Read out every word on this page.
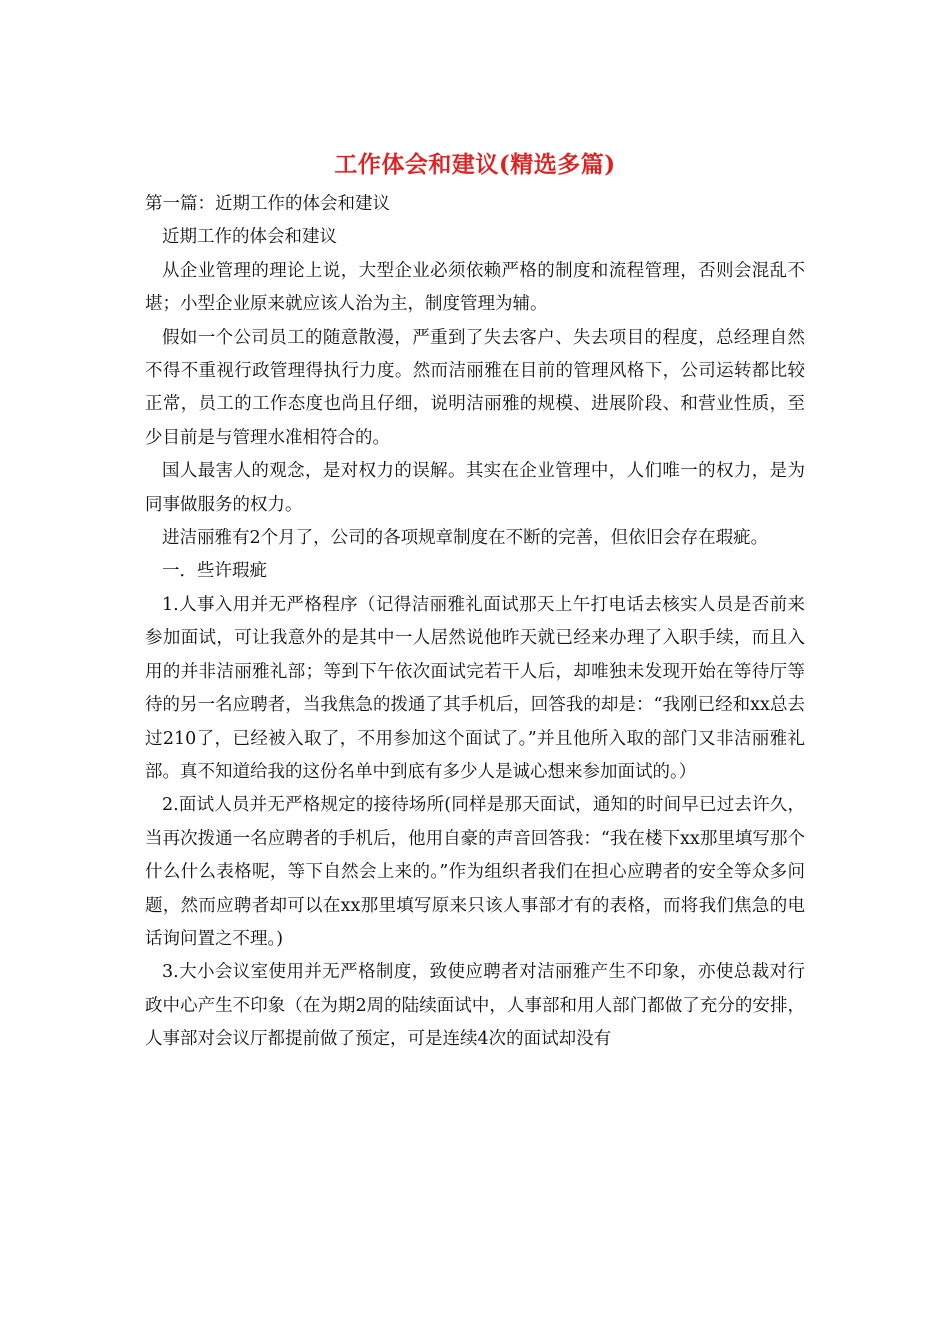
工作体会和建议(精选多篇)

第一篇：近期工作的体会和建议

近期工作的体会和建议

从企业管理的理论上说，大型企业必须依赖严格的制度和流程管理，否则会混乱不堪；小型企业原来就应该人治为主，制度管理为辅。

假如一个公司员工的随意散漫，严重到了失去客户、失去项目的程度，总经理自然不得不重视行政管理得执行力度。然而洁丽雅在目前的管理风格下，公司运转都比较正常，员工的工作态度也尚且仔细，说明洁丽雅的规模、进展阶段、和营业性质，至少目前是与管理水准相符合的。

国人最害人的观念，是对权力的误解。其实在企业管理中，人们唯一的权力，是为同事做服务的权力。

进洁丽雅有2个月了，公司的各项规章制度在不断的完善，但依旧会存在瑕疵。

一．些许瑕疵

1.人事入用并无严格程序（记得洁丽雅礼面试那天上午打电话去核实人员是否前来参加面试，可让我意外的是其中一人居然说他昨天就已经来办理了入职手续，而且入用的并非洁丽雅礼部；等到下午依次面试完若干人后，却唯独未发现开始在等待厅等待的另一名应聘者，当我焦急的拨通了其手机后，回答我的却是：“我刚已经和xx总去过210了，已经被入取了，不用参加这个面试了。”并且他所入取的部门又非洁丽雅礼部。真不知道给我的这份名单中到底有多少人是诚心想来参加面试的。）

2.面试人员并无严格规定的接待场所(同样是那天面试，通知的时间早已过去许久，当再次拨通一名应聘者的手机后，他用自豪的声音回答我：“我在楼下xx那里填写那个什么什么表格呢，等下自然会上来的。”作为组织者我们在担心应聘者的安全等众多问题，然而应聘者却可以在xx那里填写原来只该人事部才有的表格，而将我们焦急的电话询问置之不理。)

3.大小会议室使用并无严格制度，致使应聘者对洁丽雅产生不印象，亦使总裁对行政中心产生不印象（在为期2周的陆续面试中，人事部和用人部门都做了充分的安排，人事部对会议厅都提前做了预定，可是连续4次的面试却没有
